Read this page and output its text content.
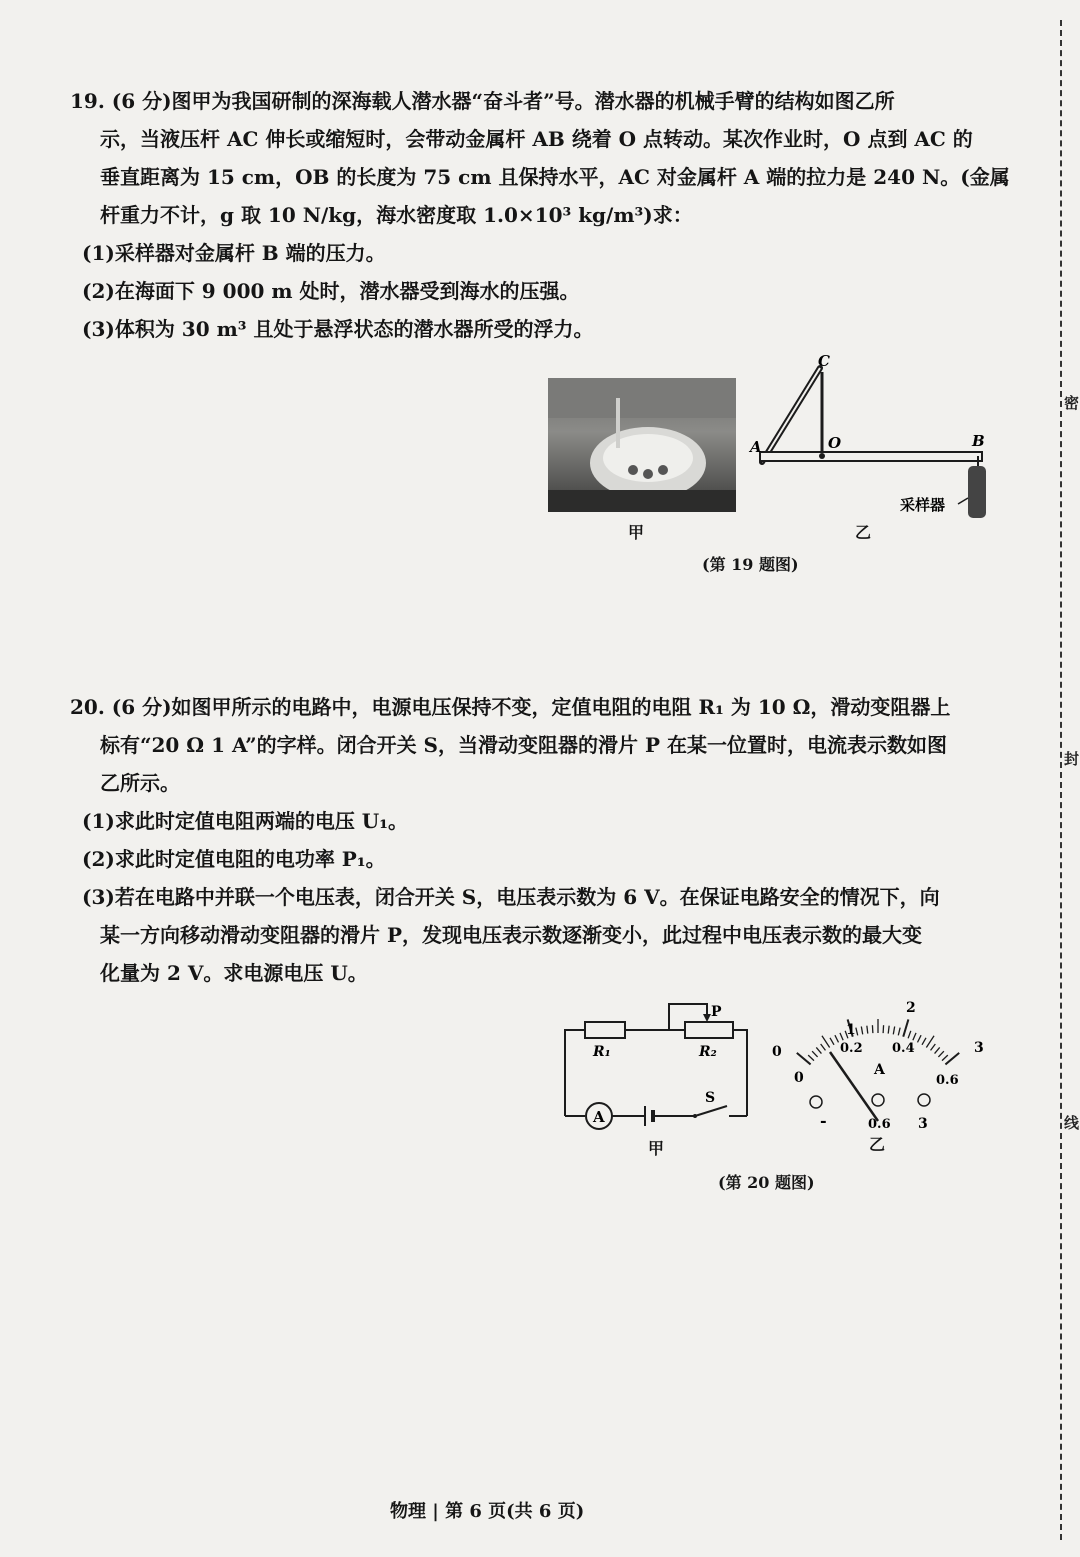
密
封
线
19. (6 分)图甲为我国研制的深海载人潜水器“奋斗者”号。潜水器的机械手臂的结构如图乙所
示，当液压杆 AC 伸长或缩短时，会带动金属杆 AB 绕着 O 点转动。某次作业时，O 点到 AC 的
垂直距离为 15 cm，OB 的长度为 75 cm 且保持水平，AC 对金属杆 A 端的拉力是 240 N。(金属
杆重力不计，g 取 10 N/kg，海水密度取 1.0×10³ kg/m³)求：
(1)采样器对金属杆 B 端的压力。
(2)在海面下 9 000 m 处时，潜水器受到海水的压强。
(3)体积为 30 m³ 且处于悬浮状态的潜水器所受的浮力。
甲
C
A	O	B
采样器
乙
(第 19 题图)
20. (6 分)如图甲所示的电路中，电源电压保持不变，定值电阻的电阻 R₁ 为 10 Ω，滑动变阻器上
标有“20 Ω 1 A”的字样。闭合开关 S，当滑动变阻器的滑片 P 在某一位置时，电流表示数如图
乙所示。
(1)求此时定值电阻两端的电压 U₁。
(2)求此时定值电阻的电功率 P₁。
(3)若在电路中并联一个电压表，闭合开关 S，电压表示数为 6 V。在保证电路安全的情况下，向
某一方向移动滑动变阻器的滑片 P，发现电压表示数逐渐变小，此过程中电压表示数的最大变
化量为 2 V。求电源电压 U。
R₁	R₂
P
S
A
甲
1
2
3
0.2 0.4
0.6
0
0	A
-	0.6 3
乙
(第 20 题图)
物理 | 第 6 页(共 6 页)
